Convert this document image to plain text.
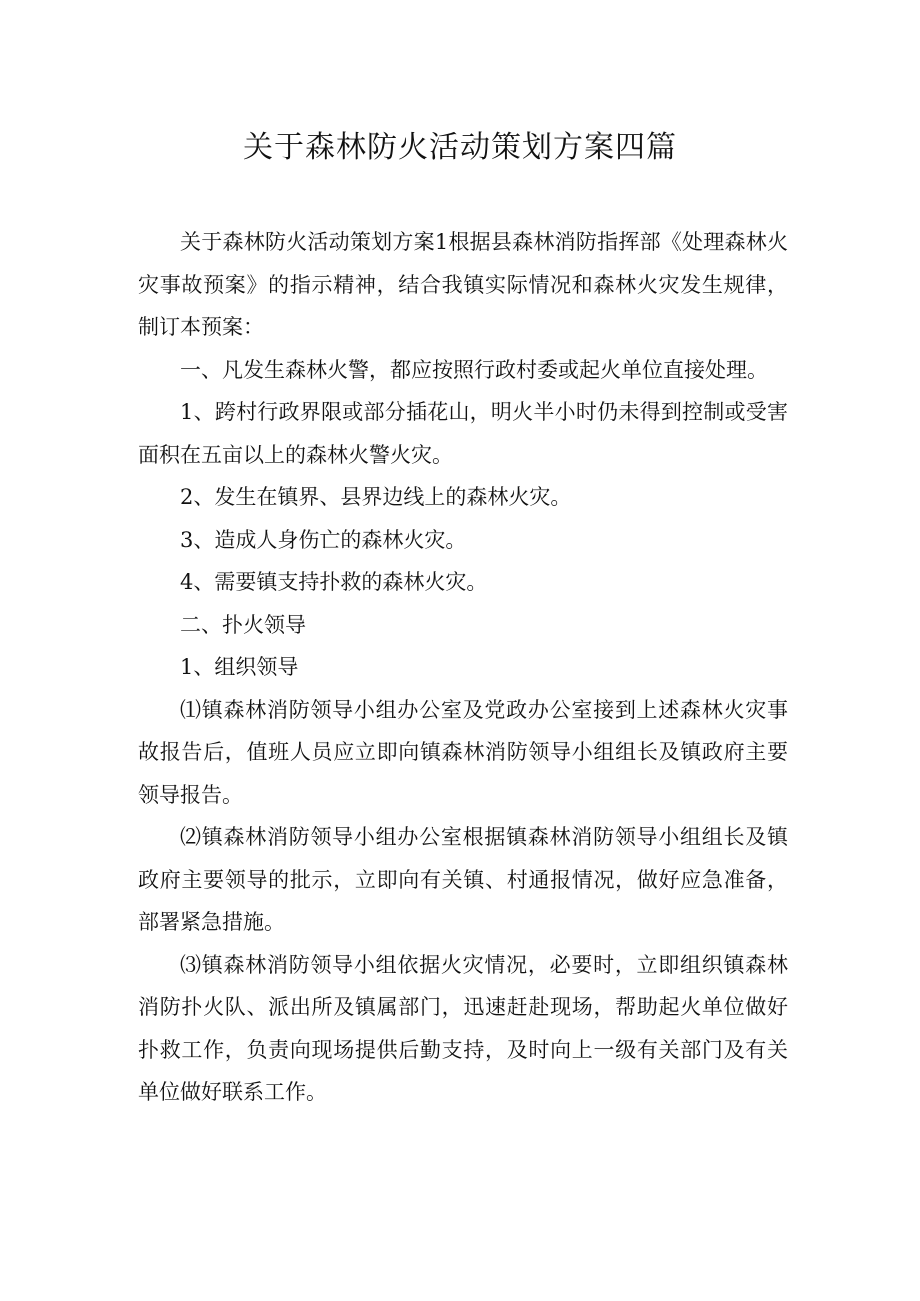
关于森林防火活动策划方案四篇

关于森林防火活动策划方案1根据县森林消防指挥部《处理森林火灾事故预案》的指示精神，结合我镇实际情况和森林火灾发生规律，制订本预案：

一、凡发生森林火警，都应按照行政村委或起火单位直接处理。

1、跨村行政界限或部分插花山，明火半小时仍未得到控制或受害面积在五亩以上的森林火警火灾。

2、发生在镇界、县界边线上的森林火灾。

3、造成人身伤亡的森林火灾。

4、需要镇支持扑救的森林火灾。

二、扑火领导

1、组织领导

⑴镇森林消防领导小组办公室及党政办公室接到上述森林火灾事故报告后，值班人员应立即向镇森林消防领导小组组长及镇政府主要领导报告。

⑵镇森林消防领导小组办公室根据镇森林消防领导小组组长及镇政府主要领导的批示，立即向有关镇、村通报情况，做好应急准备，部署紧急措施。

⑶镇森林消防领导小组依据火灾情况，必要时，立即组织镇森林消防扑火队、派出所及镇属部门，迅速赶赴现场，帮助起火单位做好扑救工作，负责向现场提供后勤支持，及时向上一级有关部门及有关单位做好联系工作。
